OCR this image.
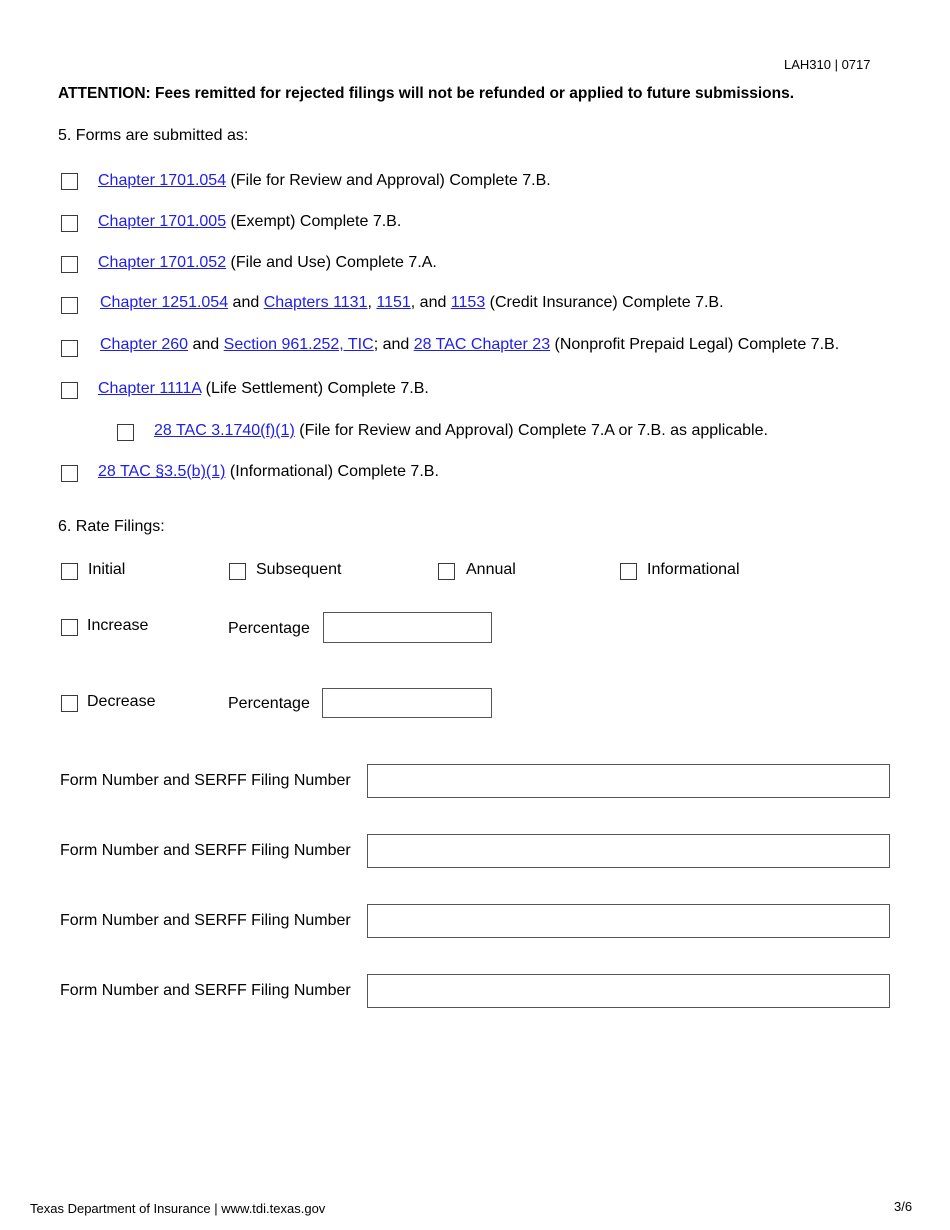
LAH310 | 0717
ATTENTION: Fees remitted for rejected filings will not be refunded or applied to future submissions.
5. Forms are submitted as:
Chapter 1701.054 (File for Review and Approval) Complete 7.B.
Chapter 1701.005 (Exempt) Complete 7.B.
Chapter 1701.052 (File and Use) Complete 7.A.
Chapter 1251.054 and Chapters 1131, 1151, and 1153 (Credit Insurance) Complete 7.B.
Chapter 260 and Section 961.252, TIC; and 28 TAC Chapter 23 (Nonprofit Prepaid Legal) Complete 7.B.
Chapter 1111A (Life Settlement) Complete 7.B.
28 TAC 3.1740(f)(1) (File for Review and Approval) Complete 7.A or 7.B. as applicable.
28 TAC §3.5(b)(1) (Informational) Complete 7.B.
6. Rate Filings:
Initial	Subsequent	Annual	Informational
Increase	Percentage
Decrease	Percentage
Form Number and SERFF Filing Number
Form Number and SERFF Filing Number
Form Number and SERFF Filing Number
Form Number and SERFF Filing Number
Texas Department of Insurance | www.tdi.texas.gov	3/6
